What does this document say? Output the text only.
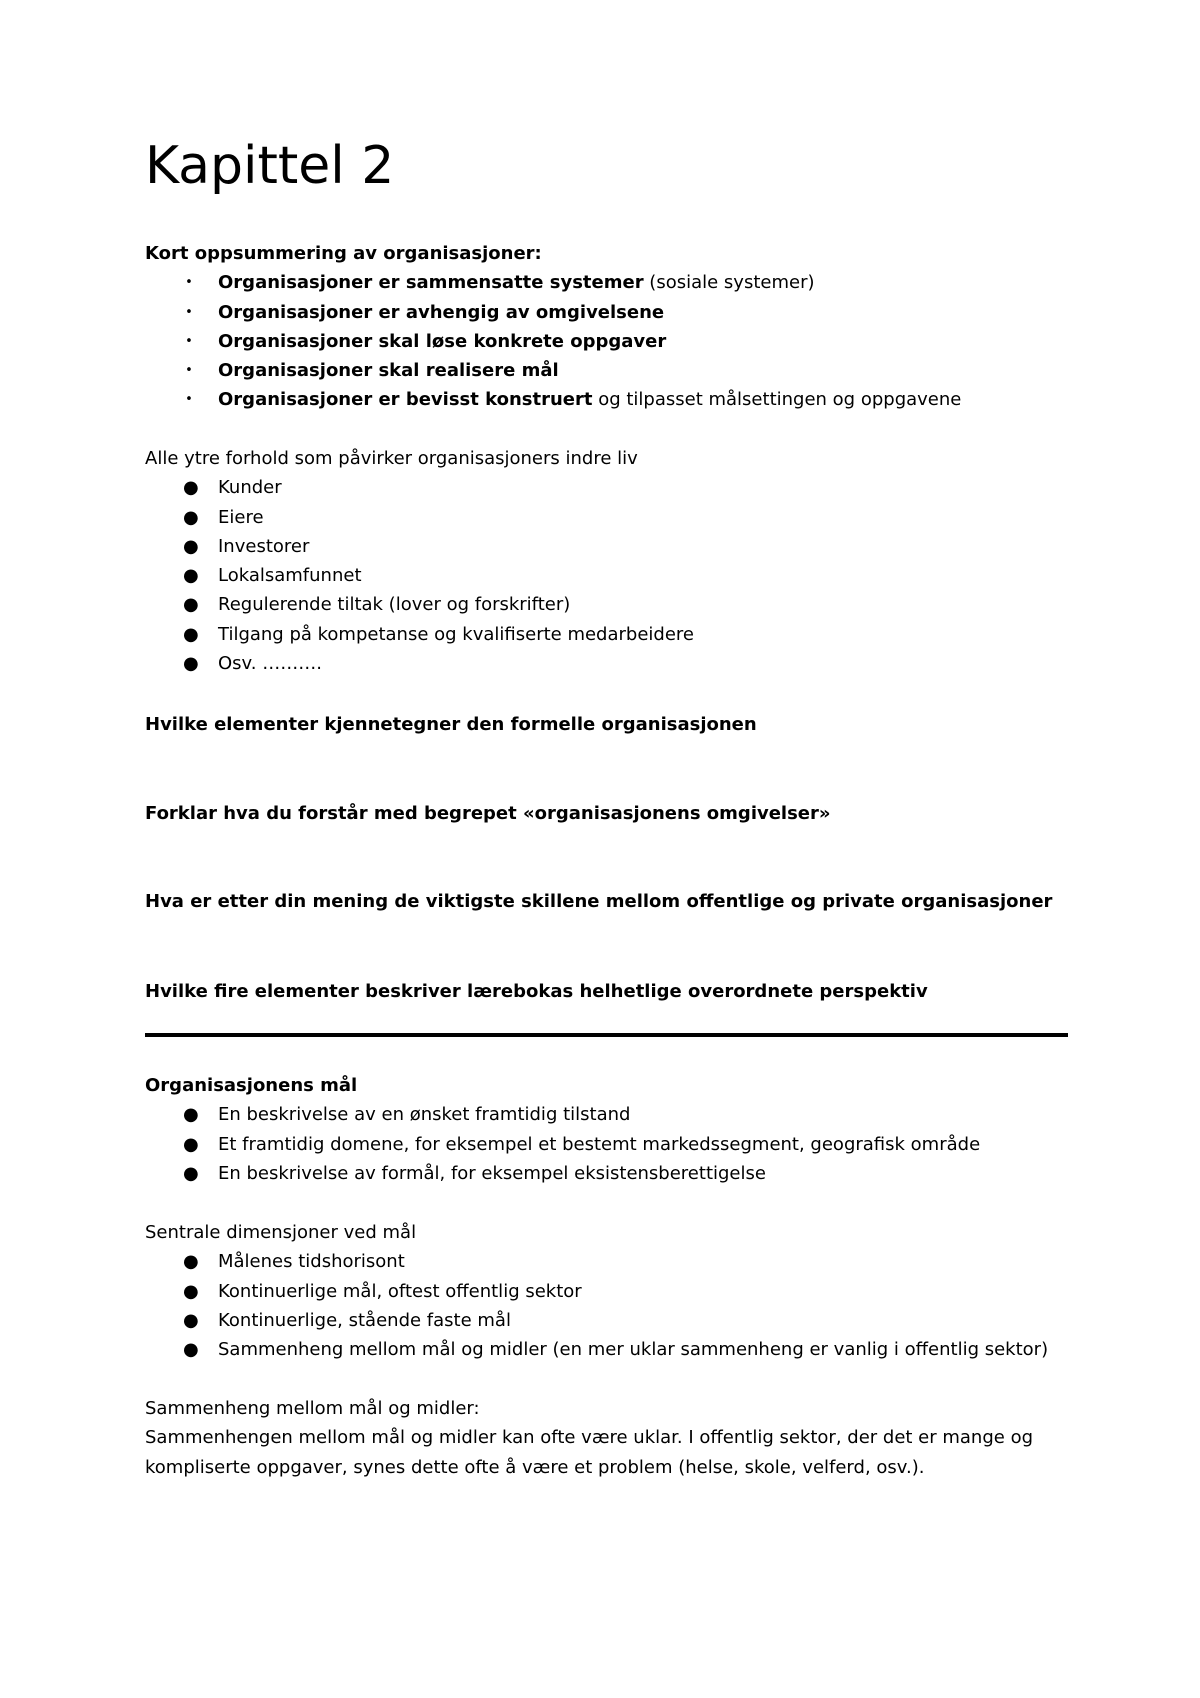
Kapittel 2

Kort oppsummering av organisasjoner:

• Organisasjoner er sammensatte systemer (sosiale systemer)
• Organisasjoner er avhengig av omgivelsene
• Organisasjoner skal løse konkrete oppgaver
• Organisasjoner skal realisere mål
• Organisasjoner er bevisst konstruert og tilpasset målsettingen og oppgavene

Alle ytre forhold som påvirker organisasjoners indre liv

● Kunder
● Eiere
● Investorer
● Lokalsamfunnet
● Regulerende tiltak (lover og forskrifter)
● Tilgang på kompetanse og kvalifiserte medarbeidere
● Osv. ……….

Hvilke elementer kjennetegner den formelle organisasjonen

Forklar hva du forstår med begrepet «organisasjonens omgivelser»

Hva er etter din mening de viktigste skillene mellom offentlige og private organisasjoner

Hvilke fire elementer beskriver lærebokas helhetlige overordnete perspektiv

Organisasjonens mål

● En beskrivelse av en ønsket framtidig tilstand
● Et framtidig domene, for eksempel et bestemt markedssegment, geografisk område
● En beskrivelse av formål, for eksempel eksistensberettigelse

Sentrale dimensjoner ved mål

● Målenes tidshorisont
● Kontinuerlige mål, oftest offentlig sektor
● Kontinuerlige, stående faste mål
● Sammenheng mellom mål og midler (en mer uklar sammenheng er vanlig i offentlig sektor)

Sammenheng mellom mål og midler:

Sammenhengen mellom mål og midler kan ofte være uklar. I offentlig sektor, der det er mange og kompliserte oppgaver, synes dette ofte å være et problem (helse, skole, velferd, osv.).
